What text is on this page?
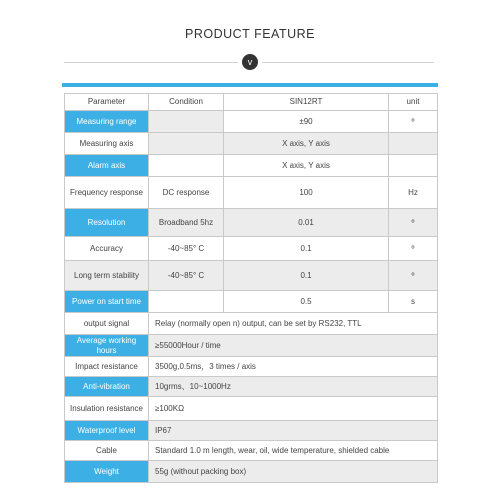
PRODUCT FEATURE
v
Parameter	Condition	SIN12RT	unit
Measuring range		±90	º
Measuring axis		X axis, Y axis	
Alarm axis		X axis, Y axis	
Frequency response	DC response	100	Hz
Resolution	Broadband 5hz	0.01	º
Accuracy	-40~85° C	0.1	º
Long term stability	-40~85° C	0.1	º
Power on start time		0.5	s
output signal	Relay (normally open n) output, can be set by RS232, TTL		
Average working hours	≥55000Hour / time		
Impact resistance	3500g,0.5ms，3 times / axis		
Anti-vibration	10grms、10~1000Hz		
Insulation resistance	≥100KΩ		
Waterproof level	IP67		
Cable	Standard 1.0 m length, wear, oil, wide temperature, shielded cable		
Weight	55g (without packing box)		
